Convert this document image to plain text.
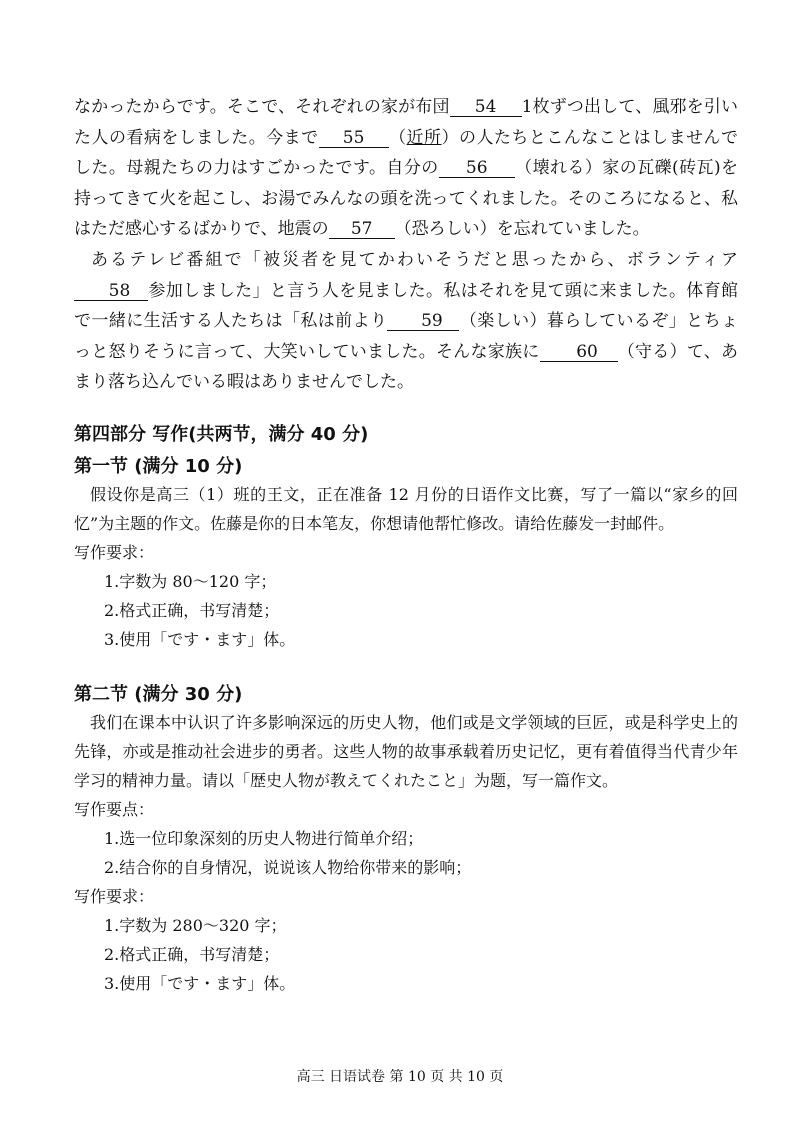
なかったからです。そこで、それぞれの家が布団 54 1枚ずつ出して、風邪を引いた人の看病をしました。今まで 55 （近所）の人たちとこんなことはしませんでした。母親たちの力はすごかったです。自分の 56 （壊れる）家の瓦礫(砖瓦)を持ってきて火を起こし、お湯でみんなの頭を洗ってくれました。そのころになると、私はただ感心するばかりで、地震の 57 （恐ろしい）を忘れていました。

あるテレビ番組で「被災者を見てかわいそうだと思ったから、ボランティア58 参加しました」と言う人を見ました。私はそれを見て頭に来ました。体育館で一緒に生活する人たちは「私は前より 59 （楽しい）暮らしているぞ」とちょっと怒りそうに言って、大笑いしていました。そんな家族に 60 （守る）て、あまり落ち込んでいる暇はありませんでした。

第四部分 写作(共两节，满分 40 分)
第一节 (满分 10 分)

假设你是高三（1）班的王文，正在准备 12 月份的日语作文比赛，写了一篇以“家乡的回忆”为主题的作文。佐藤是你的日本笔友，你想请他帮忙修改。请给佐藤发一封邮件。

写作要求：

1.字数为 80～120 字；

2.格式正确，书写清楚；

3.使用「です・ます」体。

第二节 (满分 30 分)

我们在课本中认识了许多影响深远的历史人物，他们或是文学领域的巨匠，或是科学史上的先锋，亦或是推动社会进步的勇者。这些人物的故事承载着历史记忆，更有着值得当代青少年学习的精神力量。请以「歴史人物が教えてくれたこと」为题，写一篇作文。

写作要点：

1.选一位印象深刻的历史人物进行简单介绍；

2.结合你的自身情况，说说该人物给你带来的影响；

写作要求：

1.字数为 280～320 字；

2.格式正确，书写清楚；

3.使用「です・ます」体。

高三 日语试卷 第 10 页 共 10 页
